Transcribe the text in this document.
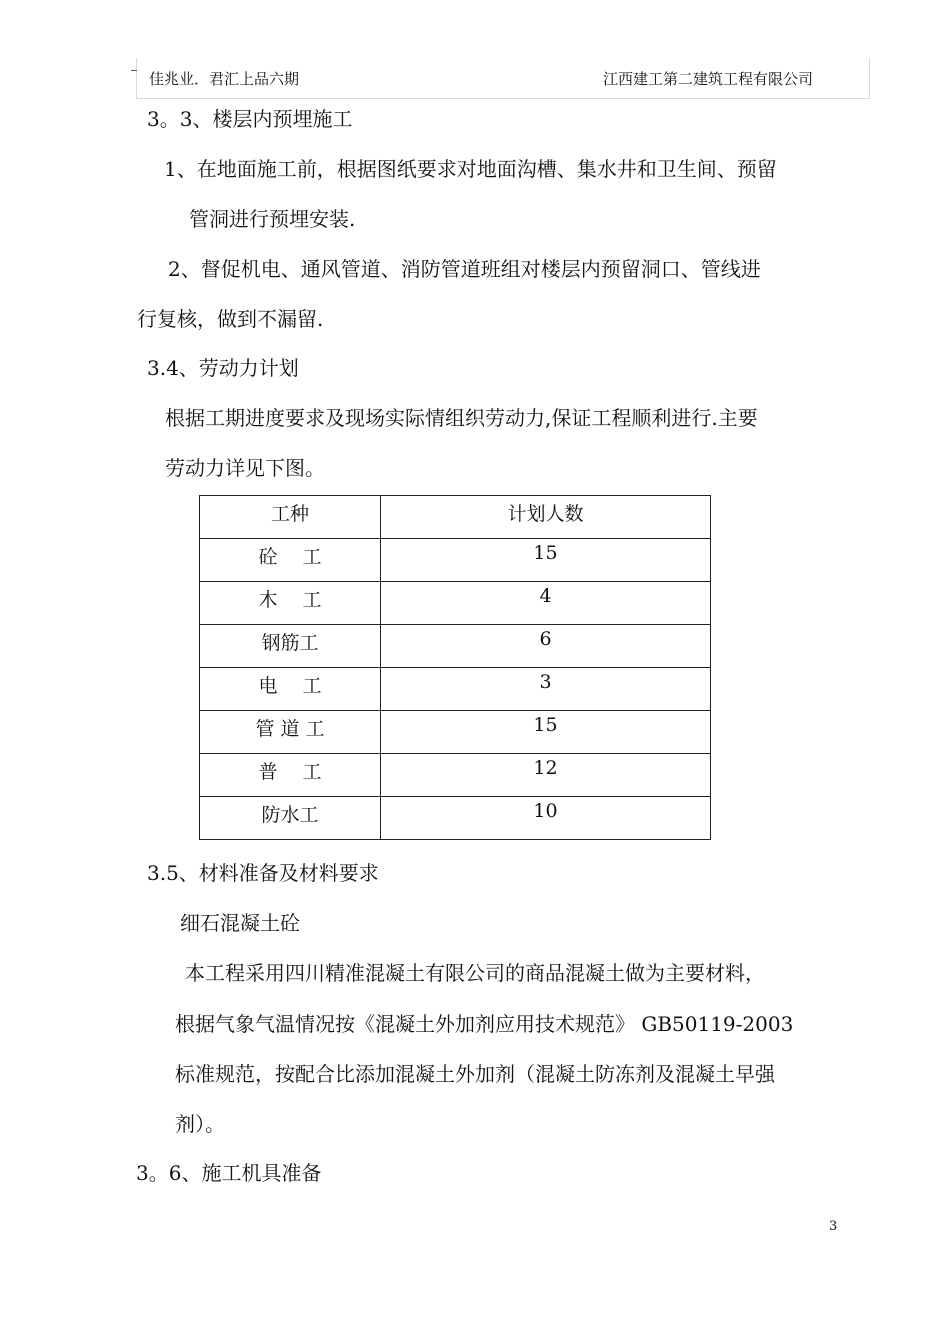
佳兆业．君汇上品六期	江西建工第二建筑工程有限公司
3。3、楼层内预埋施工
1、在地面施工前，根据图纸要求对地面沟槽、集水井和卫生间、预留
管洞进行预埋安装.
2、督促机电、通风管道、消防管道班组对楼层内预留洞口、管线进
行复核，做到不漏留.
3.4、劳动力计划
根据工期进度要求及现场实际情组织劳动力,保证工程顺利进行.主要
劳动力详见下图。
工种	计划人数
砼　 工	15
木　 工	4
钢筋工	6
电　 工	3
管 道 工	15
普　 工	12
防水工	10
3.5、材料准备及材料要求
细石混凝土砼
本工程采用四川精准混凝土有限公司的商品混凝土做为主要材料，
根据气象气温情况按《混凝土外加剂应用技术规范》 GB50119-2003
标准规范，按配合比添加混凝土外加剂（混凝土防冻剂及混凝土早强
剂）。
3。6、施工机具准备
3
